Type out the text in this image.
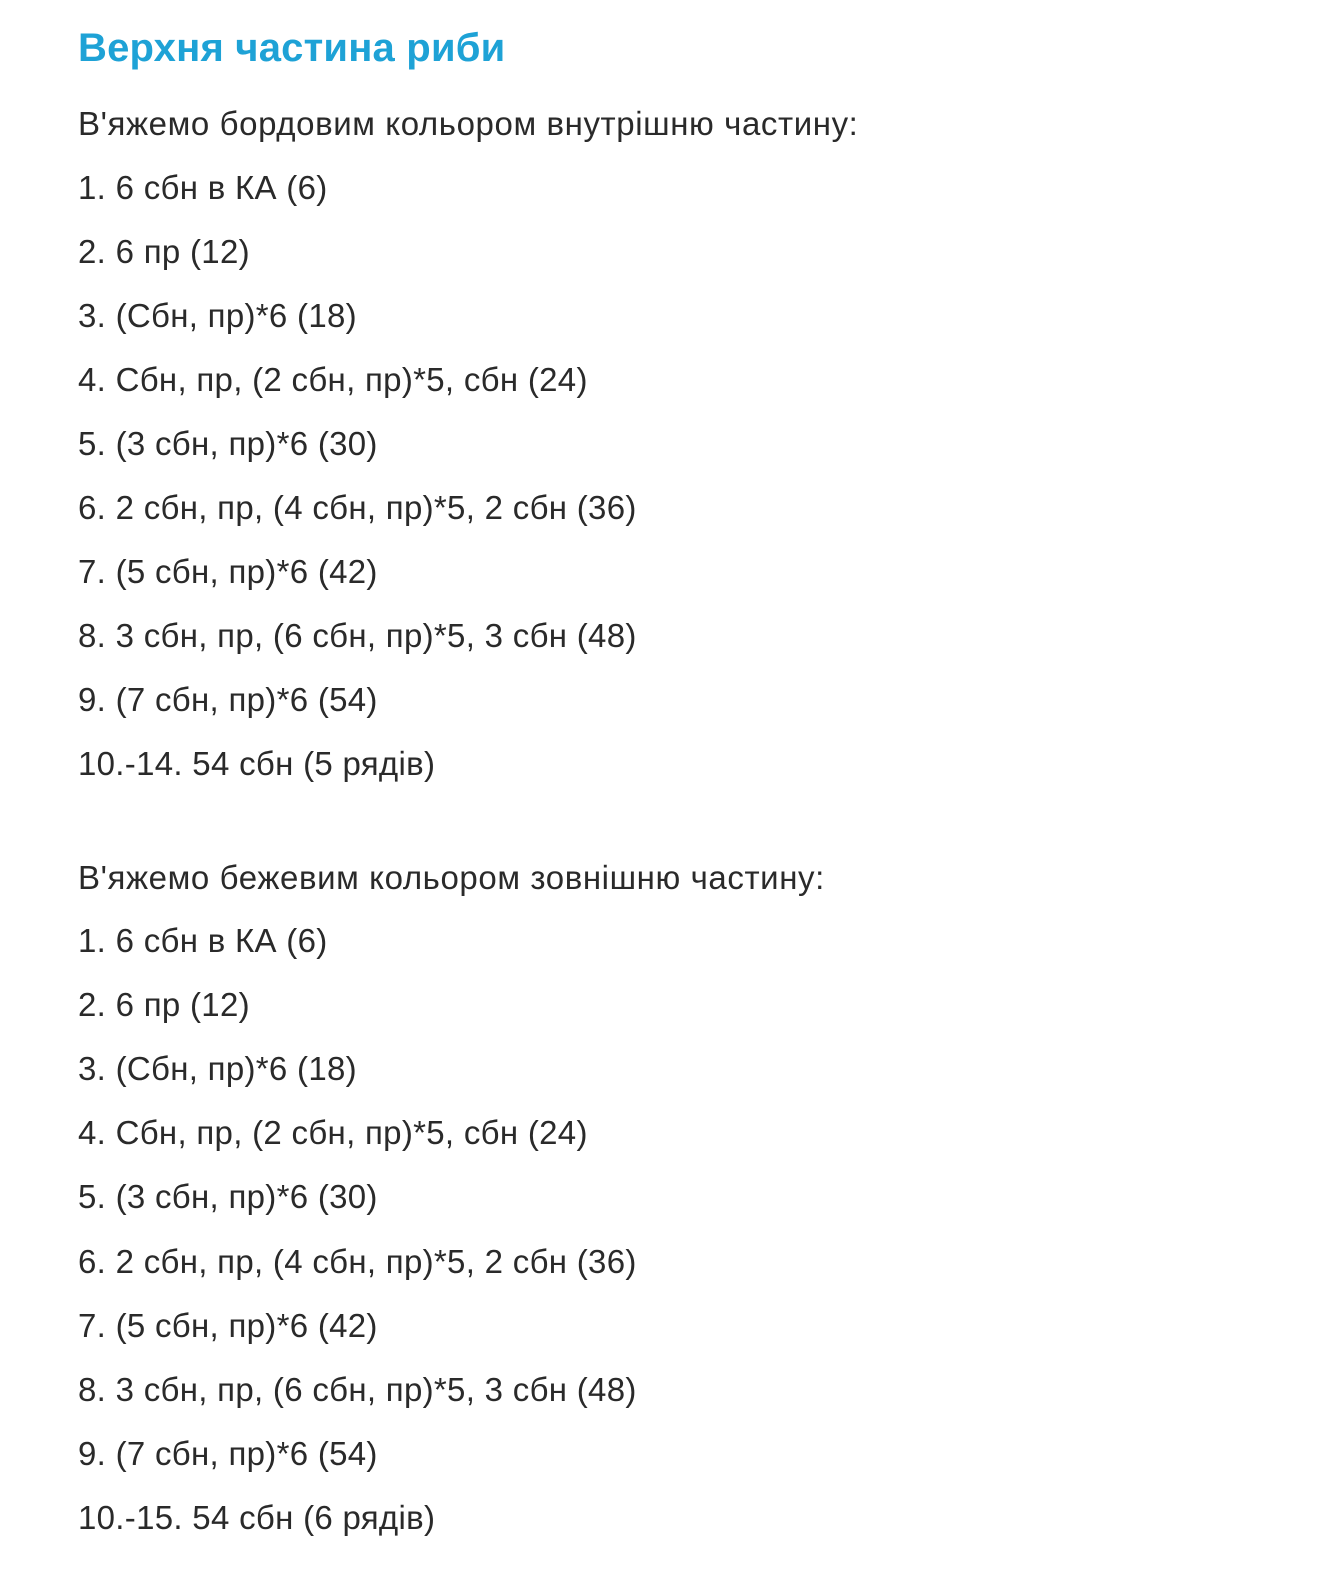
Верхня частина риби

В'яжемо бордовим кольором внутрішню частину:

1. 6 сбн в КА (6)

2. 6 пр (12)

3. (Сбн, пр)*6 (18)

4. Сбн, пр, (2 сбн, пр)*5, сбн (24)

5. (3 сбн, пр)*6 (30)

6. 2 сбн, пр, (4 сбн, пр)*5, 2 сбн (36)

7. (5 сбн, пр)*6 (42)

8. 3 сбн, пр, (6 сбн, пр)*5, 3 сбн (48)

9. (7 сбн, пр)*6 (54)

10.-14. 54 сбн (5 рядів)

В'яжемо бежевим кольором зовнішню частину:

1. 6 сбн в КА (6)

2. 6 пр (12)

3. (Сбн, пр)*6 (18)

4. Сбн, пр, (2 сбн, пр)*5, сбн (24)

5. (3 сбн, пр)*6 (30)

6. 2 сбн, пр, (4 сбн, пр)*5, 2 сбн (36)

7. (5 сбн, пр)*6 (42)

8. 3 сбн, пр, (6 сбн, пр)*5, 3 сбн (48)

9. (7 сбн, пр)*6 (54)

10.-15. 54 сбн (6 рядів)
